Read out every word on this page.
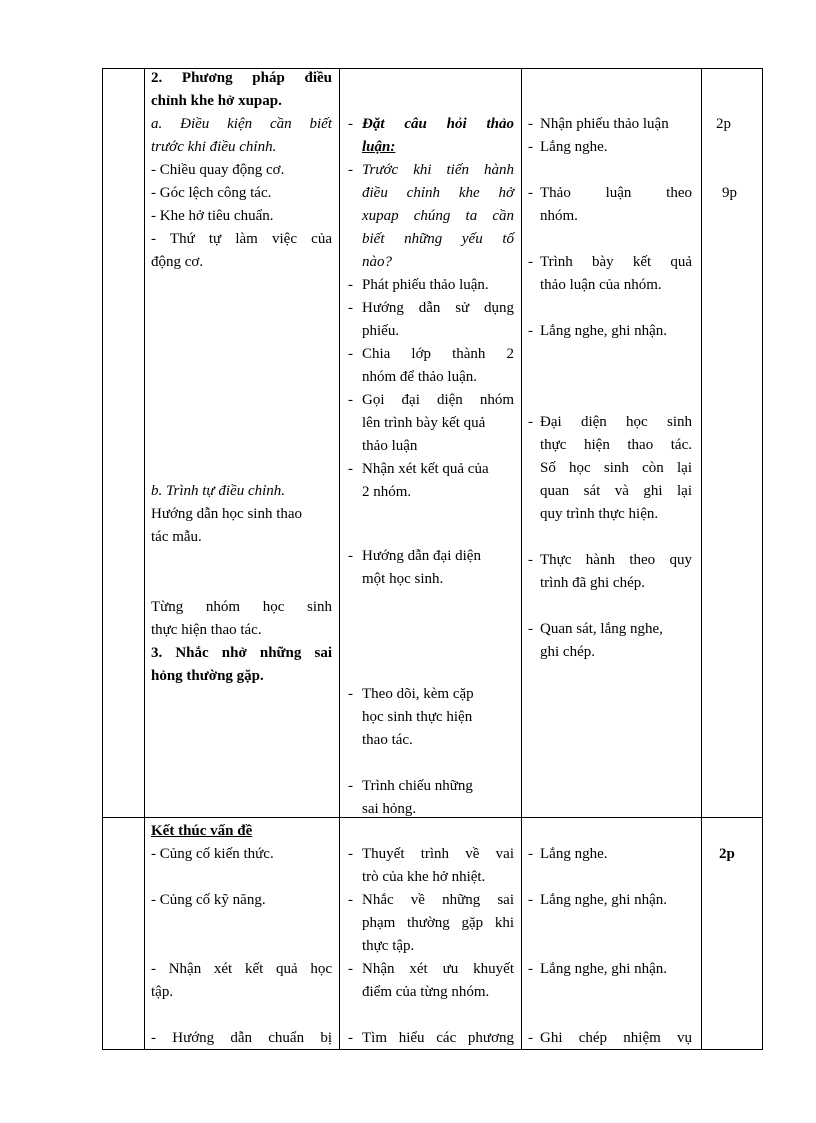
2. Phương pháp điều
chỉnh khe hở xupap.
a. Điều kiện cần biết
trước khi điều chỉnh.
- Chiều quay động cơ.
- Góc lệch công tác.
- Khe hở tiêu chuẩn.
- Thứ tự làm việc của
động cơ.
b. Trình tự điều chỉnh.
Hướng dẫn học sinh thao
tác mẫu.
Từng nhóm học sinh
thực hiện thao tác.
3. Nhắc nhở những sai
hỏng thường gặp.
- Đặt câu hỏi thảo
luận:
- Trước khi tiến hành
điều chỉnh khe hở
xupap chúng ta cần
biết những yếu tố
nào?
- Phát phiếu thảo luận.
- Hướng dẫn sử dụng
phiếu.
- Chia lớp thành 2
nhóm để thảo luận.
- Gọi đại diện nhóm
lên trình bày kết quả
thảo luận
- Nhận xét kết quả của
2 nhóm.
- Hướng dẫn đại diện
một học sinh.
- Theo dõi, kèm cặp
học sinh thực hiện
thao tác.
- Trình chiếu những
sai hỏng.
- Nhận phiếu thảo luận
- Lắng nghe.
- Thảo luận theo
nhóm.
- Trình bày kết quả
thảo luận của nhóm.
- Lắng nghe, ghi nhận.
- Đại diện học sinh
thực hiện thao tác.
Số học sinh còn lại
quan sát và ghi lại
quy trình thực hiện.
- Thực hành theo quy
trình đã ghi chép.
- Quan sát, lắng nghe,
ghi chép.
2p
9p
Kết thúc vấn đề
- Củng cố kiến thức.
- Củng cố kỹ năng.
- Nhận xét kết quả học
tập.
- Hướng dẫn chuẩn bị
- Thuyết trình về vai
trò của khe hở nhiệt.
- Nhắc về những sai
phạm thường gặp khi
thực tập.
- Nhận xét ưu khuyết
điểm của từng nhóm.
- Tìm hiểu các phương
- Lắng nghe.
- Lắng nghe, ghi nhận.
- Lắng nghe, ghi nhận.
- Ghi chép nhiệm vụ
2p
